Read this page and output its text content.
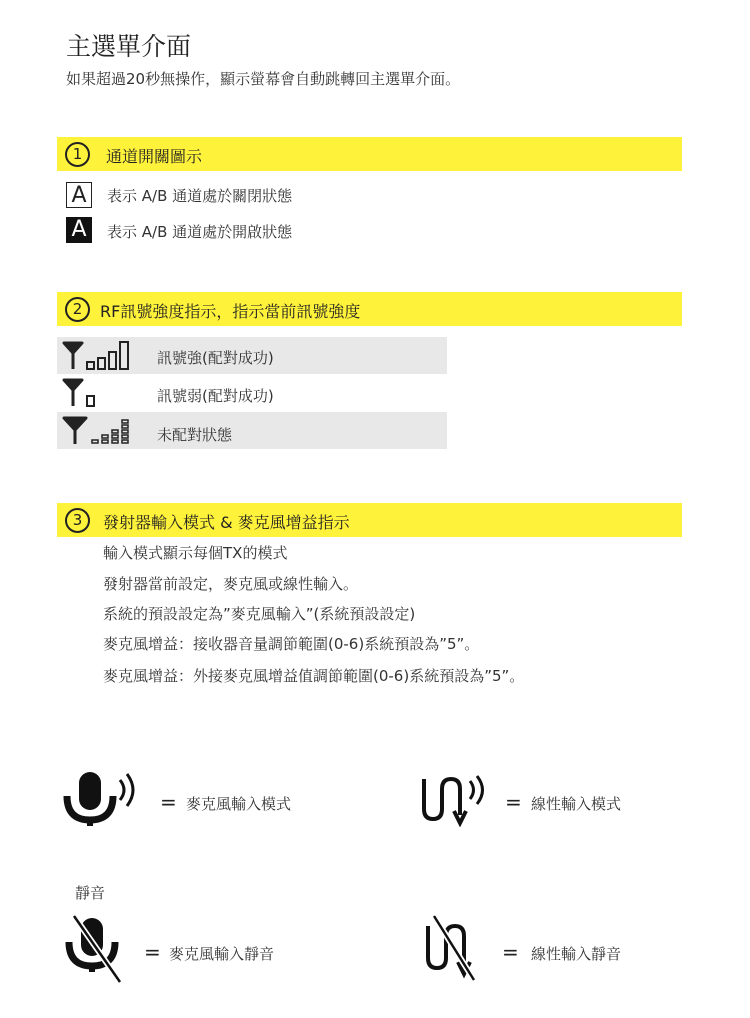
主選單介面
如果超過20秒無操作，顯示螢幕會自動跳轉回主選單介面。
1	通道開關圖示
A	表示 A/B 通道處於關閉狀態
A	表示 A/B 通道處於開啟狀態
2	RF訊號強度指示，指示當前訊號強度
訊號強(配對成功)
訊號弱(配對成功)
未配對狀態
3	發射器輸入模式 & 麥克風增益指示
輸入模式顯示每個TX的模式
發射器當前設定，麥克風或線性輸入。
系統的預設設定為”麥克風輸入”(系統預設設定)
麥克風增益：接收器音量調節範圍(0-6)系統預設為”5”。
麥克風增益：外接麥克風增益值調節範圍(0-6)系統預設為”5”。
= 麥克風輸入模式	= 線性輸入模式
靜音
= 麥克風輸入靜音	= 線性輸入靜音
